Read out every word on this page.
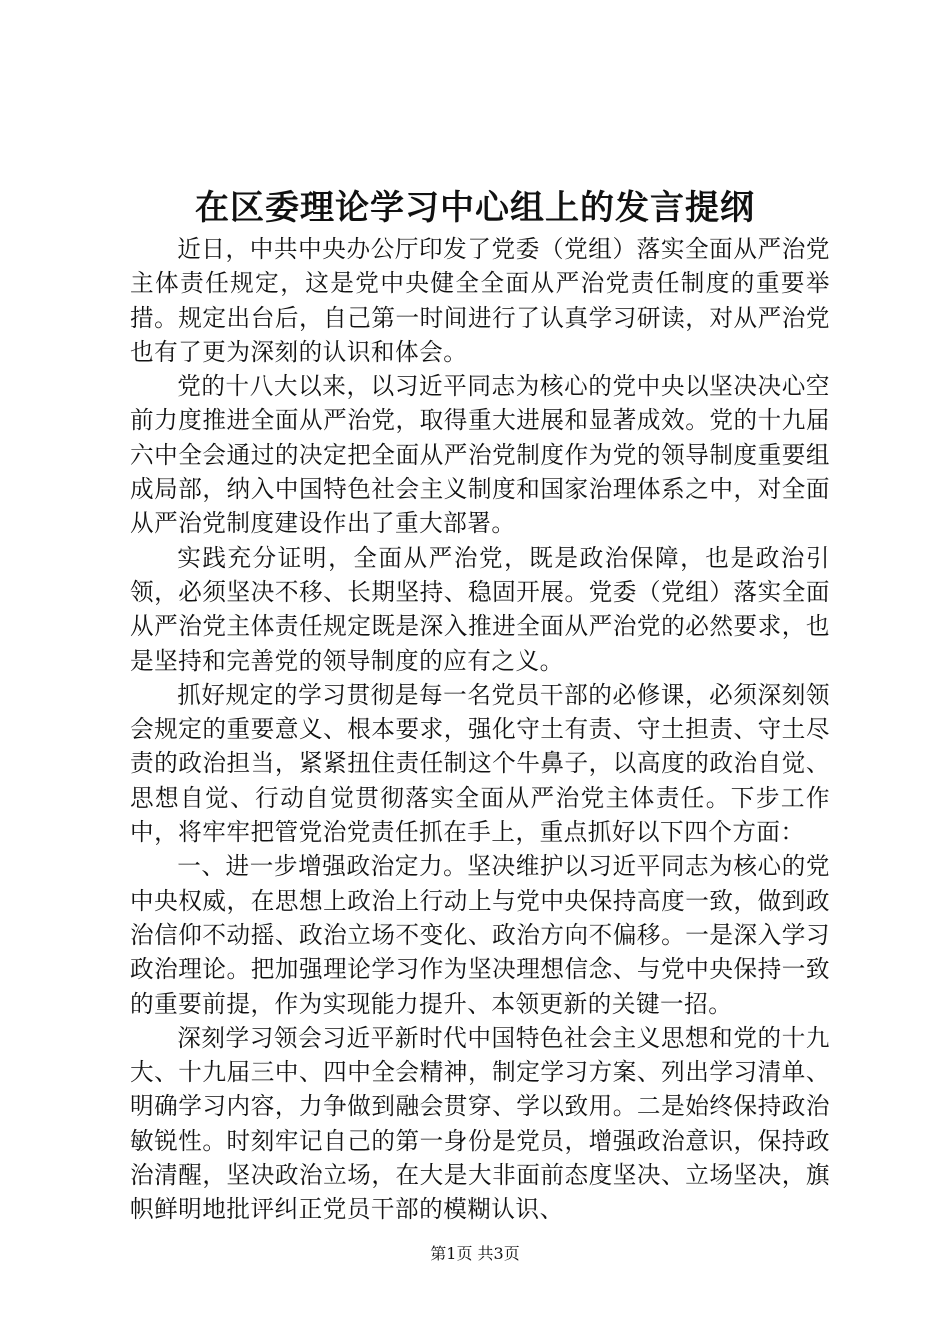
在区委理论学习中心组上的发言提纲

近日，中共中央办公厅印发了党委（党组）落实全面从严治党主体责任规定，这是党中央健全全面从严治党责任制度的重要举措。规定出台后，自己第一时间进行了认真学习研读，对从严治党也有了更为深刻的认识和体会。

党的十八大以来，以习近平同志为核心的党中央以坚决决心空前力度推进全面从严治党，取得重大进展和显著成效。党的十九届六中全会通过的决定把全面从严治党制度作为党的领导制度重要组成局部，纳入中国特色社会主义制度和国家治理体系之中，对全面从严治党制度建设作出了重大部署。

实践充分证明，全面从严治党，既是政治保障，也是政治引领，必须坚决不移、长期坚持、稳固开展。党委（党组）落实全面从严治党主体责任规定既是深入推进全面从严治党的必然要求，也是坚持和完善党的领导制度的应有之义。

抓好规定的学习贯彻是每一名党员干部的必修课，必须深刻领会规定的重要意义、根本要求，强化守土有责、守土担责、守土尽责的政治担当，紧紧扭住责任制这个牛鼻子，以高度的政治自觉、思想自觉、行动自觉贯彻落实全面从严治党主体责任。下步工作中，将牢牢把管党治党责任抓在手上，重点抓好以下四个方面：

一、进一步增强政治定力。坚决维护以习近平同志为核心的党中央权威，在思想上政治上行动上与党中央保持高度一致，做到政治信仰不动摇、政治立场不变化、政治方向不偏移。一是深入学习政治理论。把加强理论学习作为坚决理想信念、与党中央保持一致的重要前提，作为实现能力提升、本领更新的关键一招。

深刻学习领会习近平新时代中国特色社会主义思想和党的十九大、十九届三中、四中全会精神，制定学习方案、列出学习清单、明确学习内容，力争做到融会贯穿、学以致用。二是始终保持政治敏锐性。时刻牢记自己的第一身份是党员，增强政治意识，保持政治清醒，坚决政治立场，在大是大非面前态度坚决、立场坚决，旗帜鲜明地批评纠正党员干部的模糊认识、

第1页 共3页
